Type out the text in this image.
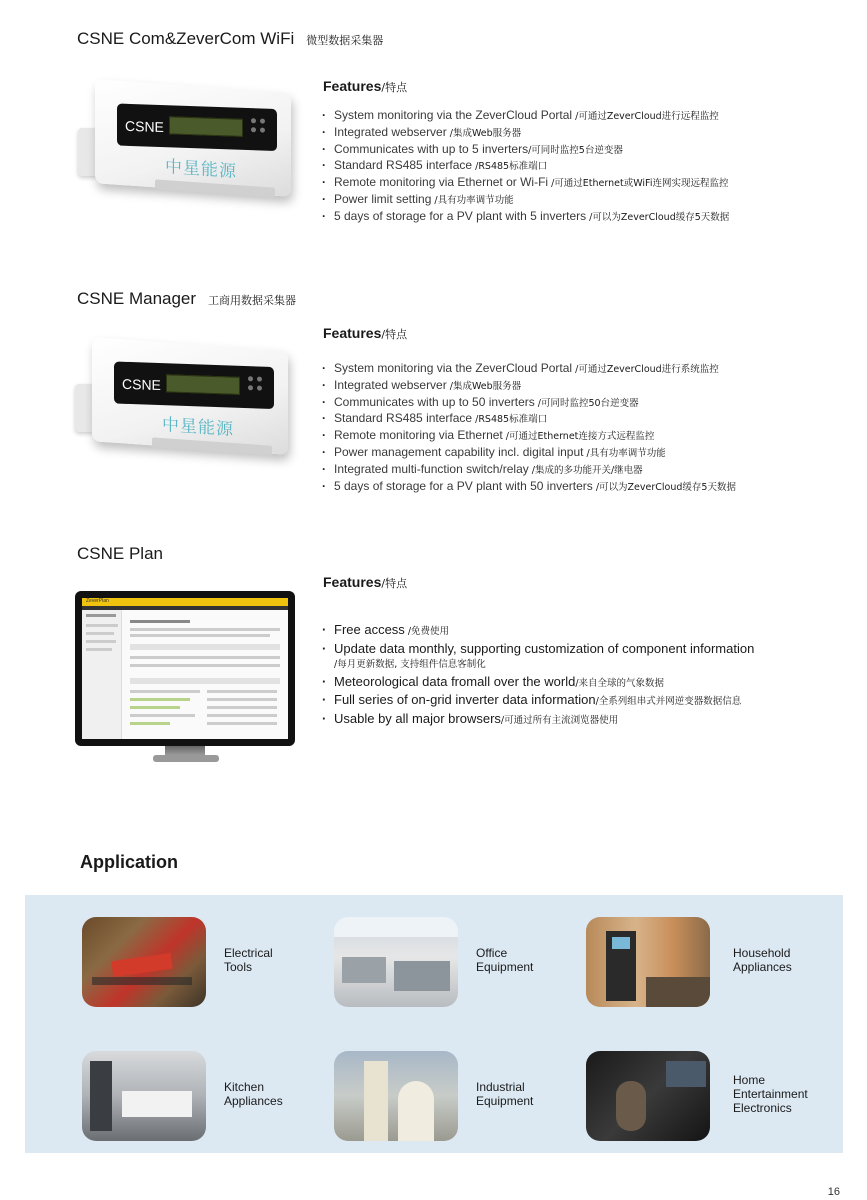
CSNE Com&ZeverCom WiFi 微型数据采集器
CSNE
中星能源
Features/特点
· System monitoring via the ZeverCloud Portal /可通过ZeverCloud进行远程监控
· Integrated webserver /集成Web服务器
· Communicates with up to 5 inverters/可同时监控5台逆变器
· Standard RS485 interface /RS485标准端口
· Remote monitoring via Ethernet or Wi-Fi /可通过Ethernet或WiFi连网实现远程监控
· Power limit setting /具有功率调节功能
· 5 days of storage for a PV plant with 5 inverters /可以为ZeverCloud缓存5天数据
CSNE Manager 工商用数据采集器
CSNE
中星能源
Features/特点
· System monitoring via the ZeverCloud Portal /可通过ZeverCloud进行系统监控
· Integrated webserver /集成Web服务器
· Communicates with up to 50 inverters /可同时监控50台逆变器
· Standard RS485 interface /RS485标准端口
· Remote monitoring via Ethernet /可通过Ethernet连接方式远程监控
· Power management capability incl. digital input /具有功率调节功能
· Integrated multi-function switch/relay /集成的多功能开关/继电器
· 5 days of storage for a PV plant with 50 inverters /可以为ZeverCloud缓存5天数据
CSNE Plan
ZeverPlan
Features/特点
· Free access /免费使用
· Update data monthly, supporting customization of component information
/每月更新数据, 支持组件信息客制化
· Meteorological data fromall over the world/来自全球的气象数据
· Full series of on-grid inverter data information/全系列组串式并网逆变器数据信息
· Usable by all major browsers/可通过所有主流浏览器使用
Application
Electrical
Tools
Office
Equipment
Household
Appliances
Kitchen
Appliances
Industrial
Equipment
Home
Entertainment
Electronics
16
